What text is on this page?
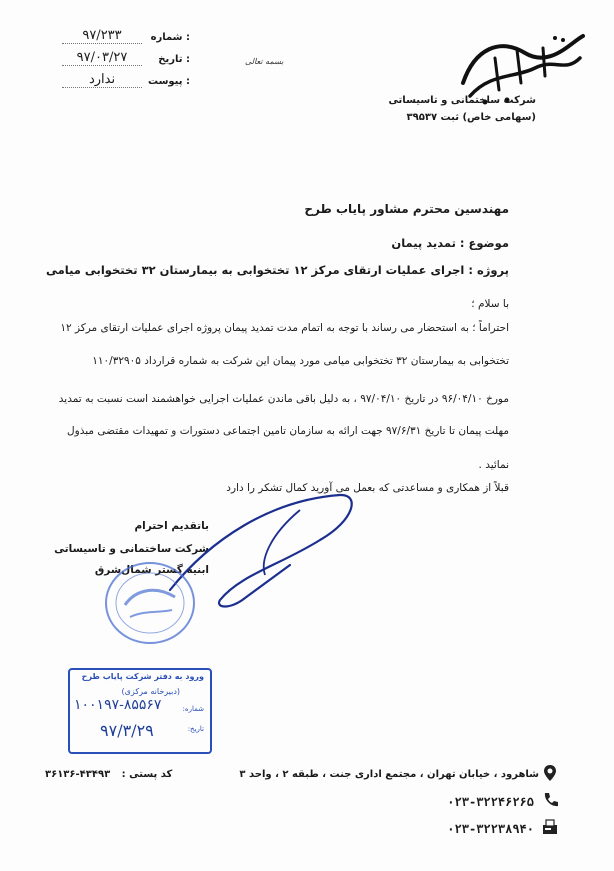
شرکت ساختمانی و تاسیساتی
(سهامی خاص) ثبت ۳۹۵۳۷
بسمه تعالی
۹۷/۲۳۳	: شماره
۹۷/۰۳/۲۷	: تاریخ
ندارد	: پیوست
مهندسین محترم مشاور پایاب طرح
موضوع : تمدید پیمان
پروژه : اجرای عملیات ارتقای مرکز ۱۲ تختخوابی به بیمارستان ۳۲ تختخوابی میامی
با سلام ؛
احتراماً ؛ به استحضار می رساند با توجه به اتمام مدت تمدید پیمان پروژه اجرای عملیات ارتقای مرکز ۱۲
تختخوابی به بیمارستان ۳۲ تختخوابی میامی مورد پیمان این شرکت به شماره قرارداد ۱۱۰/۳۲۹۰۵
مورخ ۹۶/۰۴/۱۰ در تاریخ ۹۷/۰۴/۱۰ ، به دلیل باقی ماندن عملیات اجرایی خواهشمند است نسبت به تمدید
مهلت پیمان تا تاریخ ۹۷/۶/۳۱ جهت ارائه به سازمان تامین اجتماعی دستورات و تمهیدات مقتضی مبذول
نمائید .
قبلاً از همکاری و مساعدتی که بعمل می آورید کمال تشکر را دارد
باتقدیم احترام
شرکت ساختمانی و تاسیساتی
ابنیه گستر شمال‌شرق
ورود به دفتر شرکت پایاب طرح
(دبیرخانه مرکزی)
شماره:
۱۰۰۱۹۷-۸۵۵۶۷
تاریخ:
۹۷/۳/۲۹
۳۶۱۳۶-۴۳۴۹۳ کد پستی :	شاهرود ، خیابان تهران ، مجتمع اداری جنت ، طبقه ۲ ، واحد ۳
۰۲۳-۳۲۲۴۶۲۶۵
۰۲۳-۳۲۲۳۸۹۴۰
